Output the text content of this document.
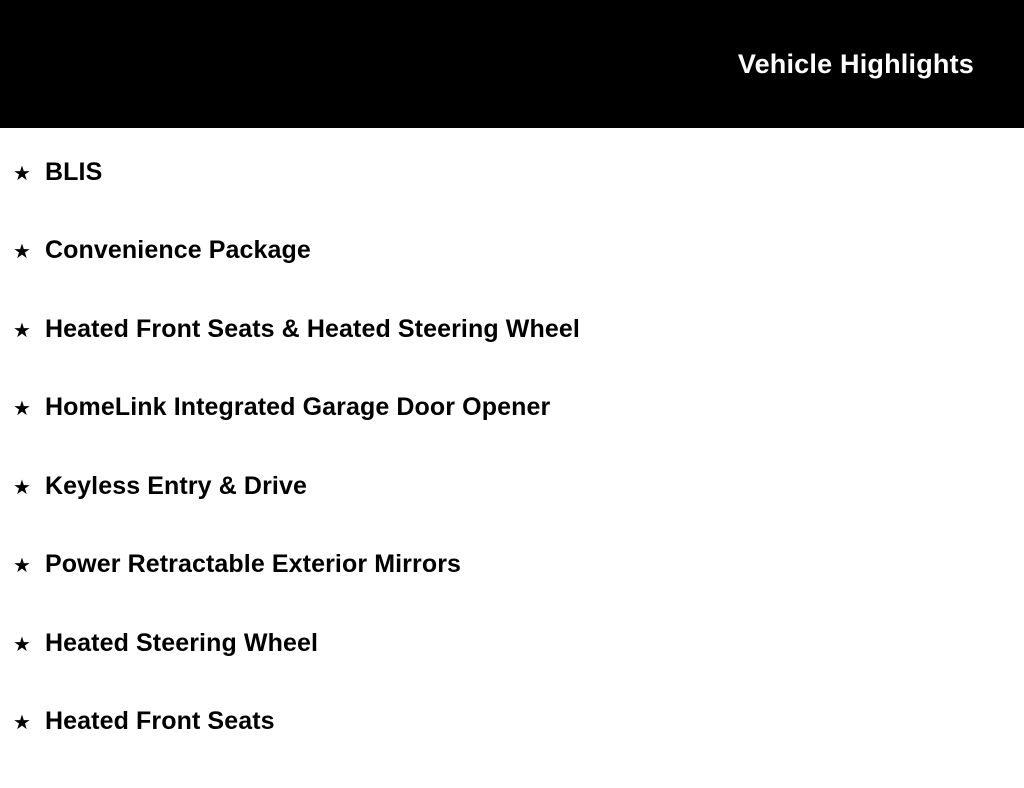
Vehicle Highlights
★ BLIS
★ Convenience Package
★ Heated Front Seats & Heated Steering Wheel
★ HomeLink Integrated Garage Door Opener
★ Keyless Entry & Drive
★ Power Retractable Exterior Mirrors
★ Heated Steering Wheel
★ Heated Front Seats
